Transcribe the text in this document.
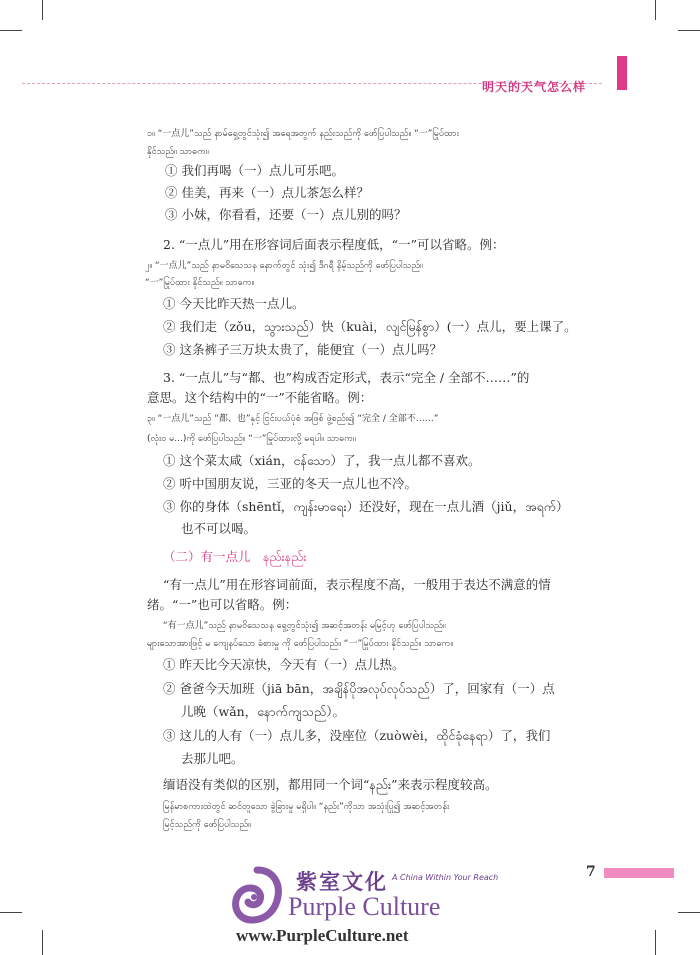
明天的天气怎么样
၁။ “一点儿”သည် နာမ်ရှေ့တွင်သုံး၍ အရေအတွက် နည်းသည်ကို ဖော်ပြပါသည်။ “一”မြုပ်ထား
နိုင်သည်။ သာဓက။
① 我们再喝（一）点儿可乐吧。
② 佳美，再来（一）点儿茶怎么样？
③ 小妹，你看看，还要（一）点儿别的吗？
2. “一点儿”用在形容词后面表示程度低，“一”可以省略。例：
၂။ “一点儿”သည် နာမဝိသေသန နောက်တွင် သုံး၍ ဒီဂရီ နိမ့်သည်ကို ဖော်ပြပါသည်။
“一”မြုပ်ထား နိုင်သည်။ သာဓက။
① 今天比昨天热一点儿。
② 我们走（zǒu，သွားသည်）快（kuài，လျင်မြန်စွာ）(一）点儿，要上课了。
③ 这条裤子三万块太贵了，能便宜（一）点儿吗？
3. “一点儿”与“都、也”构成否定形式，表示“完全 / 全部不……”的
意思。这个结构中的“一”不能省略。例：
၃။ “一点儿”သည် “都、也”နှင့် ငြင်းပယ်ပုံစံ အဖြစ် ဖွဲ့စည်း၍ “完全 / 全部不……”
(လုံးဝ မ...)ကို ဖော်ပြပါသည်။ “一”မြုပ်ထားလို့ မရပါ။ သာဓက။
① 这个菜太咸（xián，ငန်သော）了，我一点儿都不喜欢。
② 听中国朋友说，三亚的冬天一点儿也不冷。
③ 你的身体（shēntǐ，ကျန်းမာရေး）还没好，现在一点儿酒（jiǔ，အရက်）
也不可以喝。
（二）有一点儿　နည်းနည်း
“有一点儿”用在形容词前面，表示程度不高，一般用于表达不满意的情
绪。“一”也可以省略。例：
“有一点儿”သည် နာမဝိသေသန ရှေ့တွင်သုံး၍ အဆင့်အတန်း မမြင့်ဟု ဖော်ပြပါသည်။
များသောအားဖြင့် မ ကျေနပ်သော ခံစားမှု ကို ဖော်ပြပါသည်။ “一”မြုပ်ထား နိုင်သည်။ သာဓက။
① 昨天比今天凉快，今天有（一）点儿热。
② 爸爸今天加班（jiā bān，အချိန်ပိုအလုပ်လုပ်သည်）了，回家有（一）点
儿晚（wǎn，နောက်ကျသည်）。
③ 这儿的人有（一）点儿多，没座位（zuòwèi，ထိုင်ခုံနေရာ）了，我们
去那儿吧。
缅语没有类似的区别，都用同一个词“နည်း”来表示程度较高。
မြန်မာစကားထဲတွင် ဆင်တူသော ခွဲခြားမှု မရှိပါ။ “နည်း”ကိုသာ အသုံးပြု၍ အဆင့်အတန်း
မြင့်သည်ကို ဖော်ပြပါသည်။
7
紫室文化 A China Within Your Reach
Purple Culture
www.PurpleCulture.net
